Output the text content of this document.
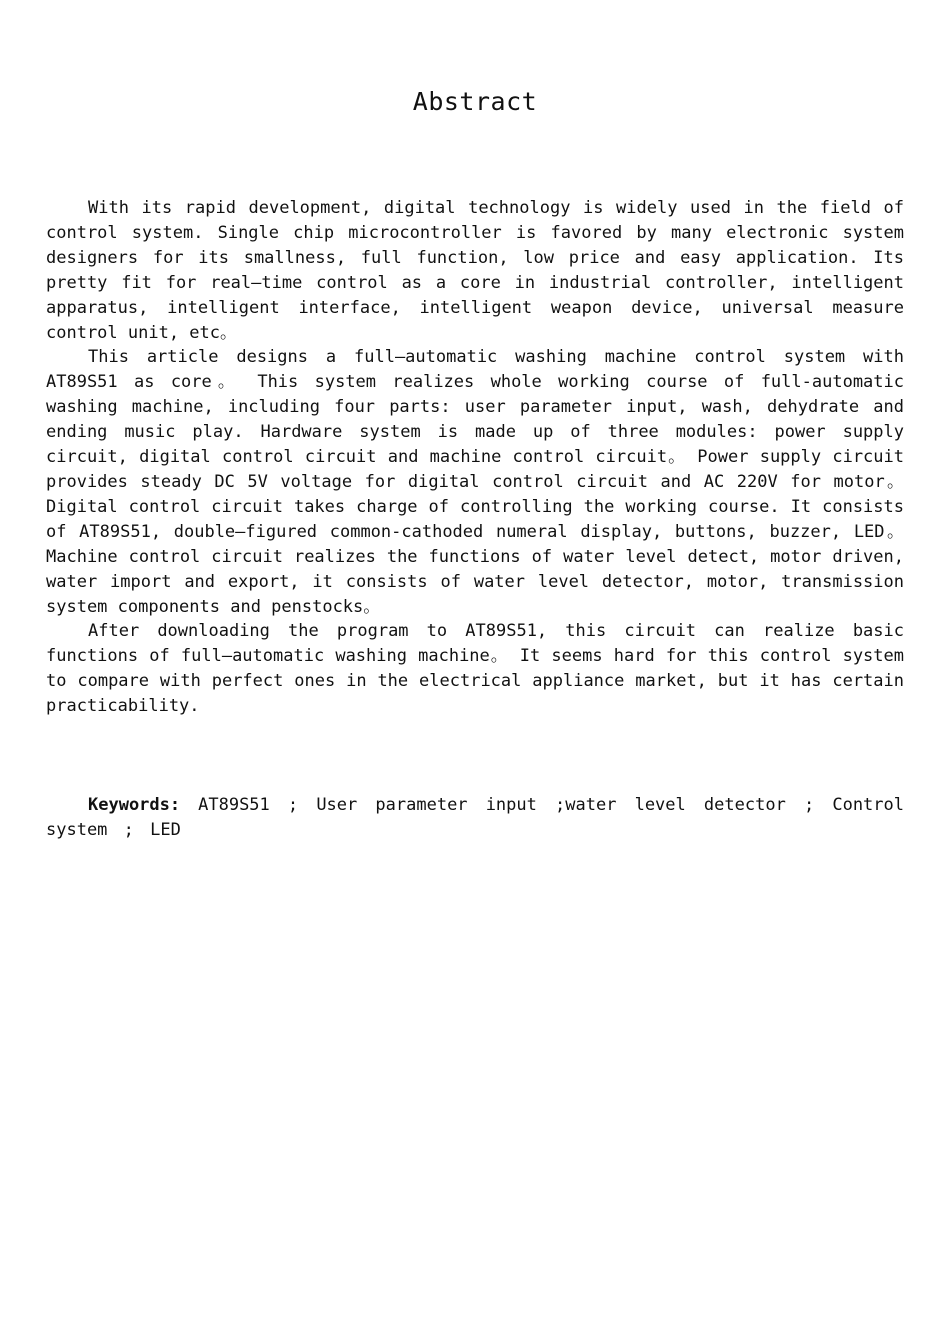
Abstract

With its rapid development, digital technology is widely used in the field of control system. Single chip microcontroller is favored by many electronic system designers for its smallness, full function, low price and easy application. Its pretty fit for real—time control as a core in industrial controller, intelligent apparatus, intelligent interface, intelligent weapon device, universal measure control unit, etc。

This article designs a full—automatic washing machine control system with AT89S51 as core。 This system realizes whole working course of full-automatic washing machine, including four parts: user parameter input, wash, dehydrate and ending music play. Hardware system is made up of three modules: power supply circuit, digital control circuit and machine control circuit。 Power supply circuit provides steady DC 5V voltage for digital control circuit and AC 220V for motor。 Digital control circuit takes charge of controlling the working course. It consists of AT89S51, double—figured common-cathoded numeral display, buttons, buzzer, LED。 Machine control circuit realizes the functions of water level detect, motor driven, water import and export, it consists of water level detector, motor, transmission system components and penstocks。

After downloading the program to AT89S51, this circuit can realize basic functions of full—automatic washing machine。 It seems hard for this control system to compare with perfect ones in the electrical appliance market, but it has certain practicability.

Keywords: AT89S51 ; User parameter input ;water level detector ; Control system ; LED
